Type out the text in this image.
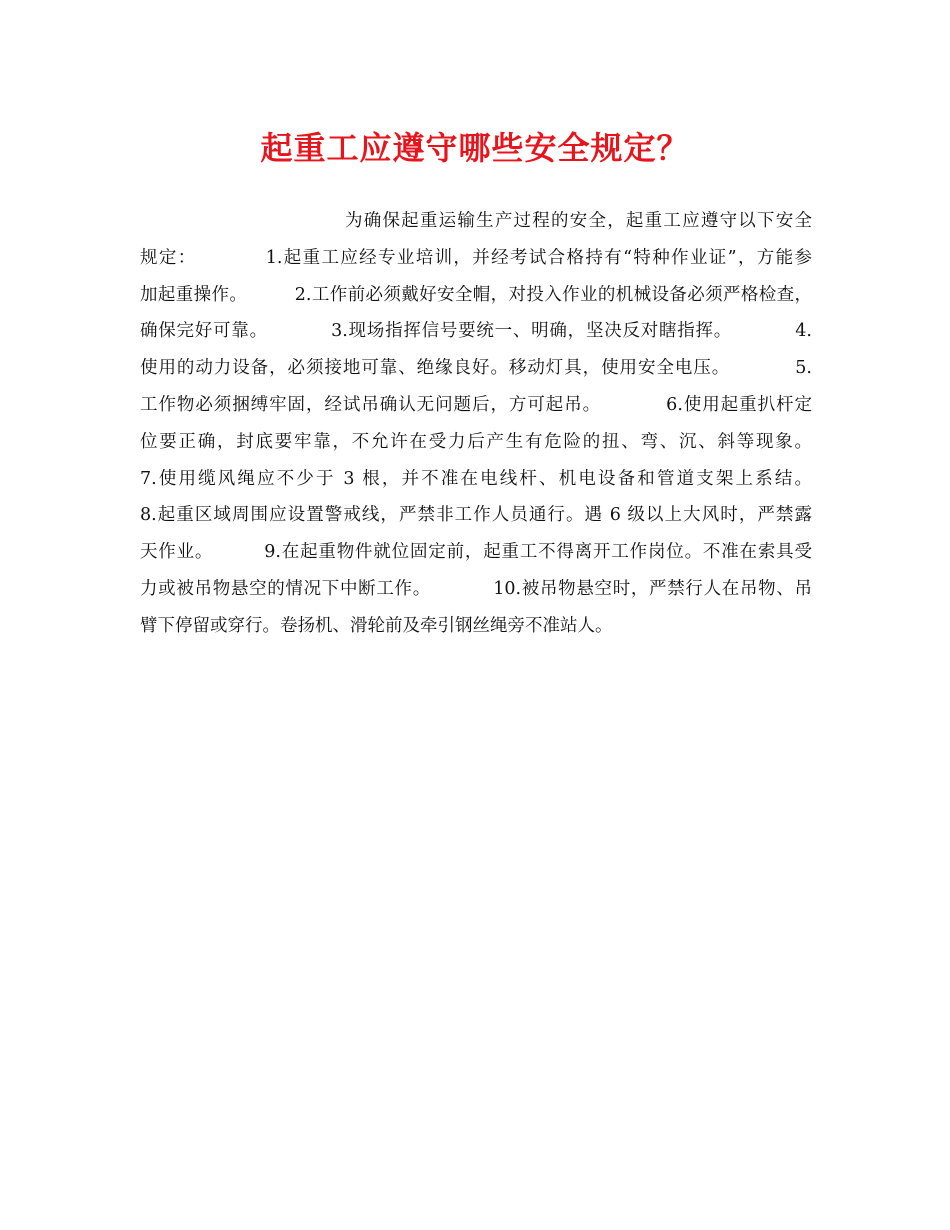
起重工应遵守哪些安全规定？
为确保起重运输生产过程的安全，起重工应遵守以下安全
规定：          1.起重工应经专业培训，并经考试合格持有“特种作业证”，方能参
加起重操作。        2.工作前必须戴好安全帽，对投入作业的机械设备必须严格检查，
确保完好可靠。          3.现场指挥信号要统一、明确，坚决反对瞎指挥。          4.
使用的动力设备，必须接地可靠、绝缘良好。移动灯具，使用安全电压。          5.
工作物必须捆缚牢固，经试吊确认无问题后，方可起吊。          6.使用起重扒杆定
位要正确，封底要牢靠，不允许在受力后产生有危险的扭、弯、沉、斜等现象。
7.使用缆风绳应不少于 3 根，并不准在电线杆、机电设备和管道支架上系结。
8.起重区域周围应设置警戒线，严禁非工作人员通行。遇 6 级以上大风时，严禁露
天作业。        9.在起重物件就位固定前，起重工不得离开工作岗位。不准在索具受
力或被吊物悬空的情况下中断工作。          10.被吊物悬空时，严禁行人在吊物、吊
臂下停留或穿行。卷扬机、滑轮前及牵引钢丝绳旁不准站人。
